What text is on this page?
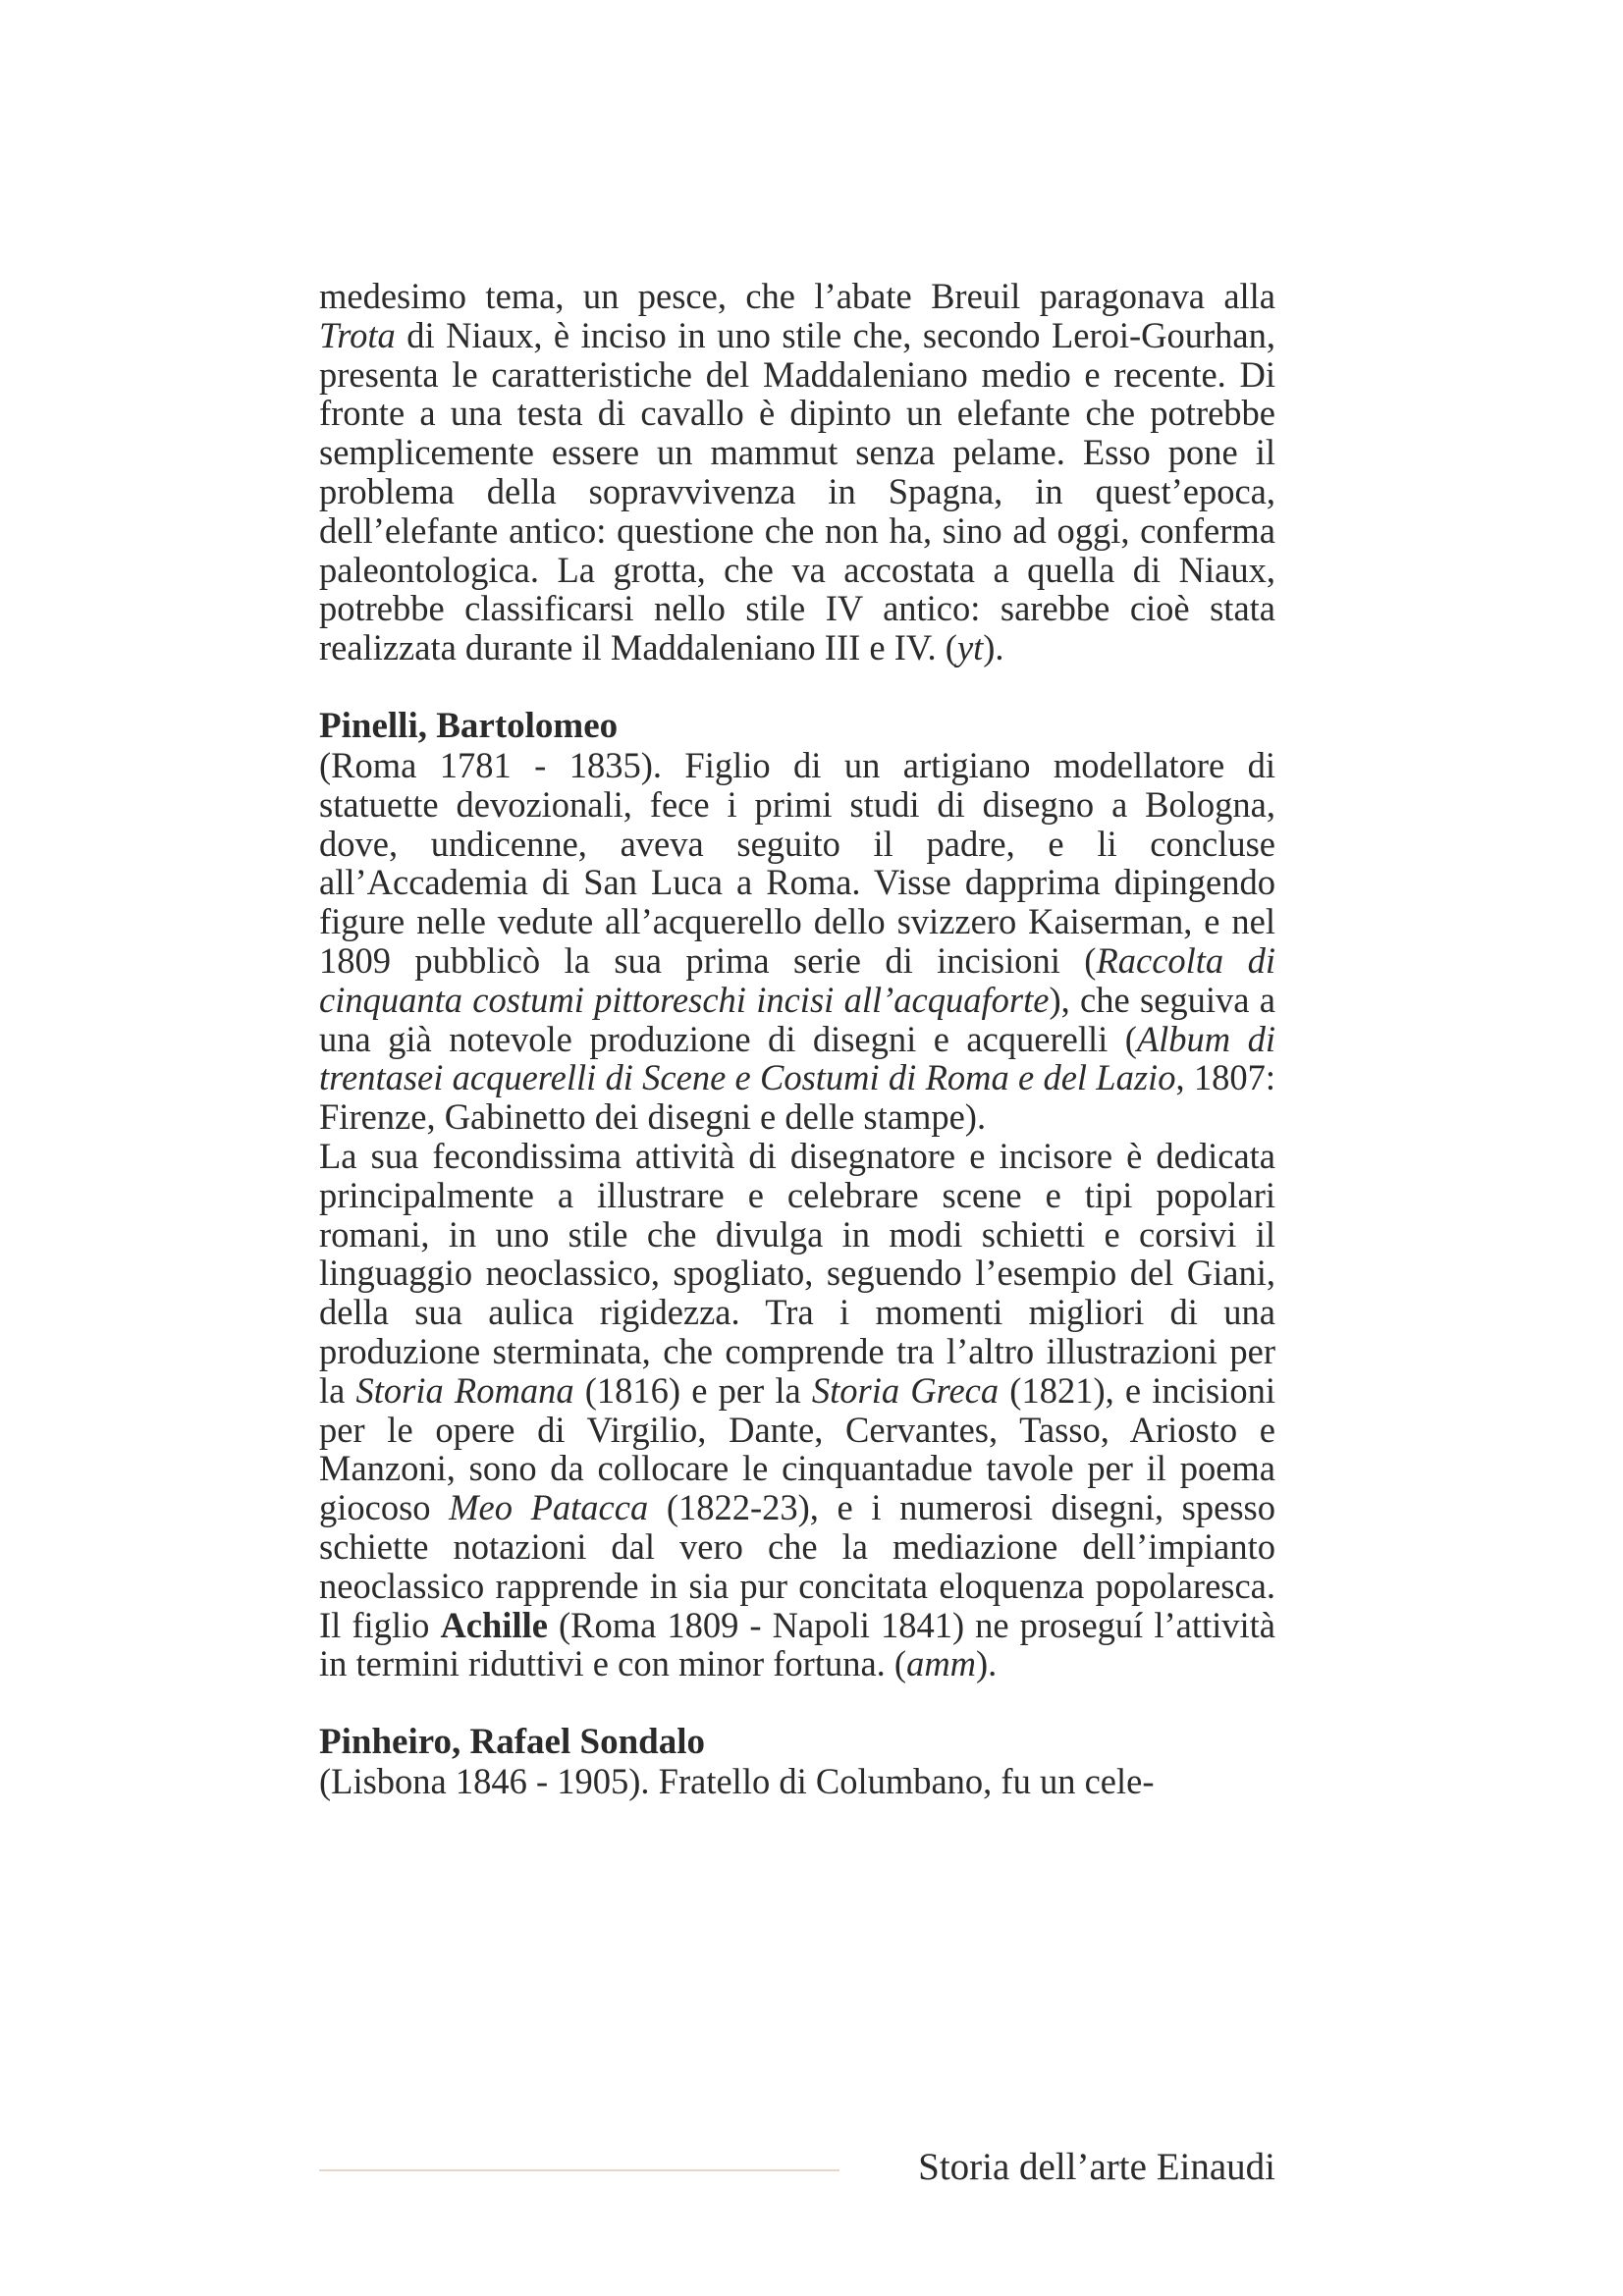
medesimo tema, un pesce, che l’abate Breuil paragonava alla Trota di Niaux, è inciso in uno stile che, secondo Leroi-Gourhan, presenta le caratteristiche del Maddaleniano medio e recente. Di fronte a una testa di cavallo è dipinto un elefante che potrebbe semplicemente essere un mammut senza pelame. Esso pone il problema della sopravvivenza in Spagna, in quest’epoca, dell’elefante antico: questione che non ha, sino ad oggi, conferma paleontologica. La grotta, che va accostata a quella di Niaux, potrebbe classificarsi nello stile IV antico: sarebbe cioè stata realizzata durante il Maddaleniano III e IV. (yt).

Pinelli, Bartolomeo

(Roma 1781 - 1835). Figlio di un artigiano modellatore di statuette devozionali, fece i primi studi di disegno a Bologna, dove, undicenne, aveva seguito il padre, e li concluse all’Accademia di San Luca a Roma. Visse dapprima dipingendo figure nelle vedute all’acquerello dello svizzero Kaiserman, e nel 1809 pubblicò la sua prima serie di incisioni (Raccolta di cinquanta costumi pittoreschi incisi all’acquaforte), che seguiva a una già notevole produzione di disegni e acquerelli (Album di trentasei acquerelli di Scene e Costumi di Roma e del Lazio, 1807: Firenze, Gabinetto dei disegni e delle stampe).

La sua fecondissima attività di disegnatore e incisore è dedicata principalmente a illustrare e celebrare scene e tipi popolari romani, in uno stile che divulga in modi schietti e corsivi il linguaggio neoclassico, spogliato, seguendo l’esempio del Giani, della sua aulica rigidezza. Tra i momenti migliori di una produzione sterminata, che comprende tra l’altro illustrazioni per la Storia Romana (1816) e per la Storia Greca (1821), e incisioni per le opere di Virgilio, Dante, Cervantes, Tasso, Ariosto e Manzoni, sono da collocare le cinquantadue tavole per il poema giocoso Meo Patacca (1822-23), e i numerosi disegni, spesso schiette notazioni dal vero che la mediazione dell’impianto neoclassico rapprende in sia pur concitata eloquenza popolaresca. Il figlio Achille (Roma 1809 - Napoli 1841) ne proseguí l’attività in termini riduttivi e con minor fortuna. (amm).

Pinheiro, Rafael Sondalo

(Lisbona 1846 - 1905). Fratello di Columbano, fu un cele-

Storia dell’arte Einaudi
